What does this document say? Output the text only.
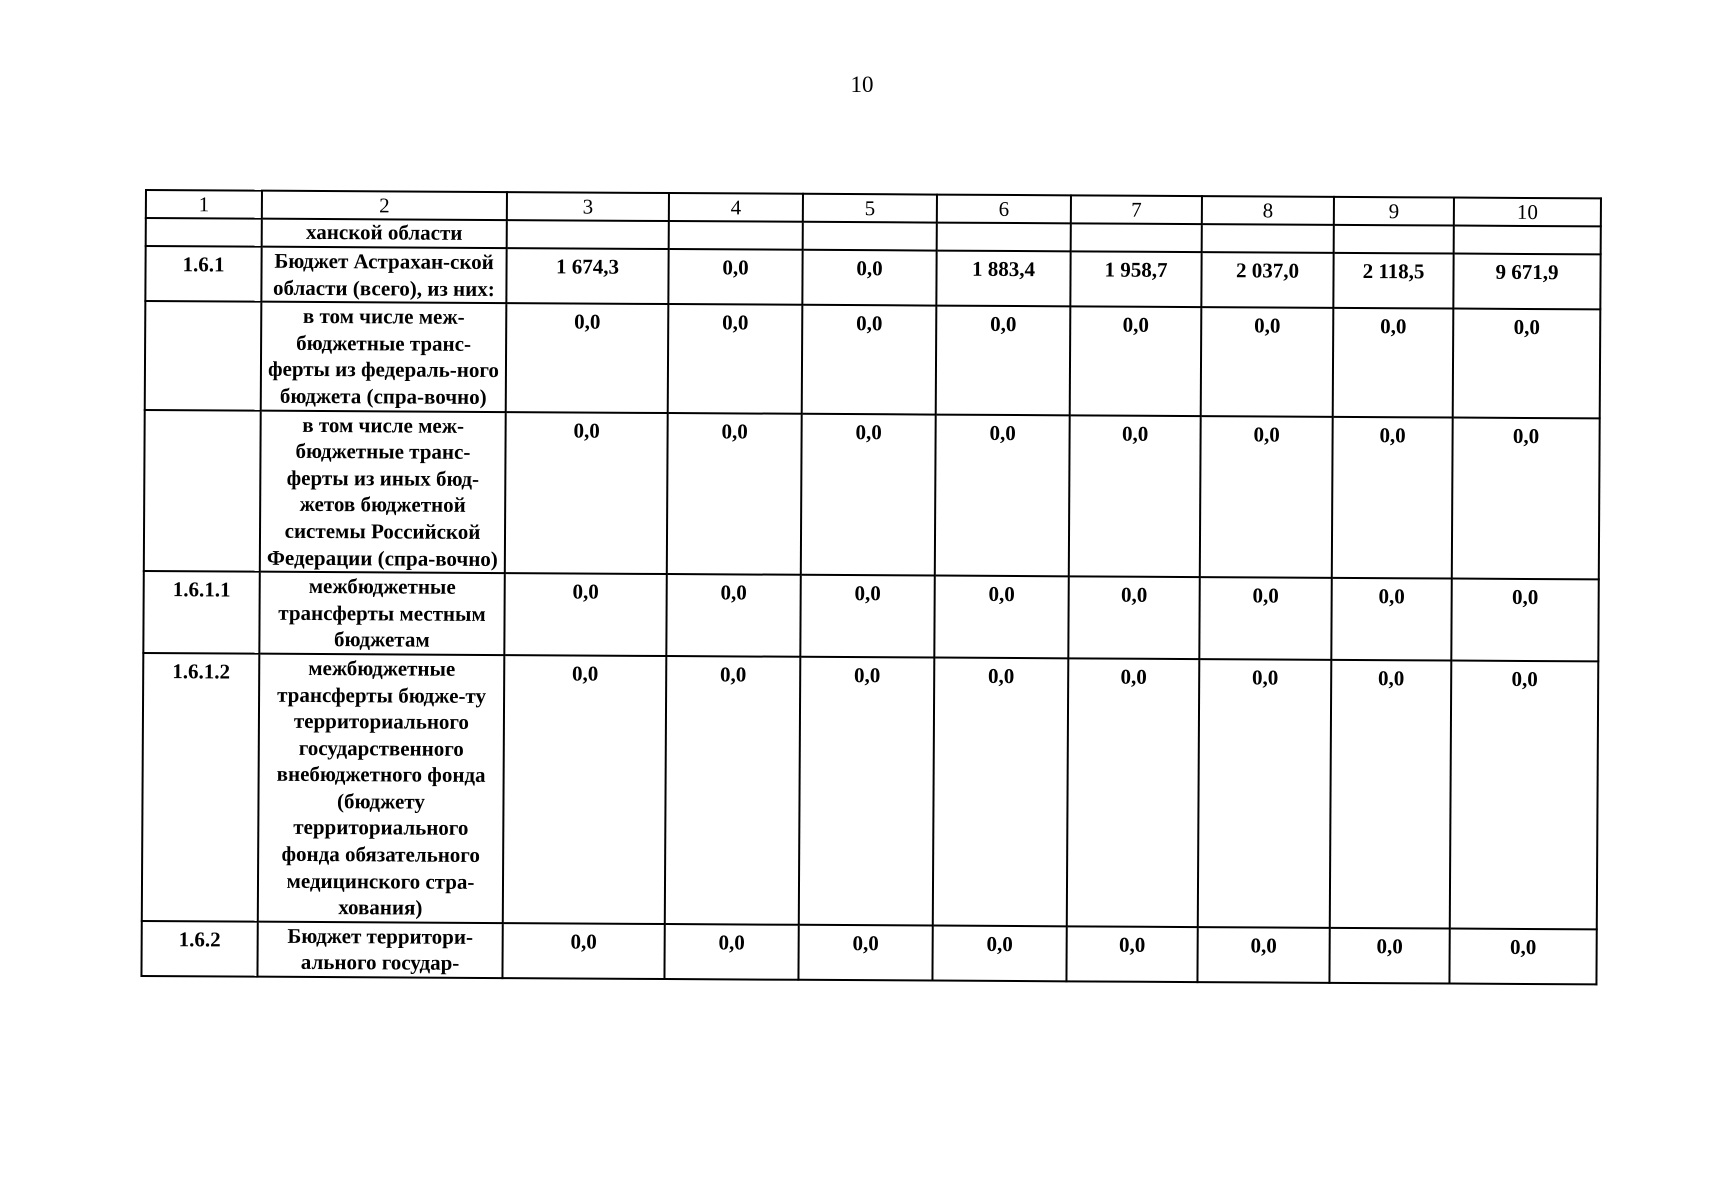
10
1	2	3	4	5	6	7	8	9	10
	ханской области								
1.6.1	Бюджет Астрахан-ской области (всего), из них:	1 674,3	0,0	0,0	1 883,4	1 958,7	2 037,0	2 118,5	9 671,9
	в том числе меж-бюджетные транс-ферты из федераль-ного бюджета (спра-вочно)	0,0	0,0	0,0	0,0	0,0	0,0	0,0	0,0
	в том числе меж-бюджетные транс-ферты из иных бюд-жетов бюджетной системы Российской Федерации (спра-вочно)	0,0	0,0	0,0	0,0	0,0	0,0	0,0	0,0
1.6.1.1	межбюджетные трансферты местным бюджетам	0,0	0,0	0,0	0,0	0,0	0,0	0,0	0,0
1.6.1.2	межбюджетные трансферты бюдже-ту территориального государственного внебюджетного фонда (бюджету территориального фонда обязательного медицинского стра-хования)	0,0	0,0	0,0	0,0	0,0	0,0	0,0	0,0
1.6.2	Бюджет территори-ального государ-	0,0	0,0	0,0	0,0	0,0	0,0	0,0	0,0
